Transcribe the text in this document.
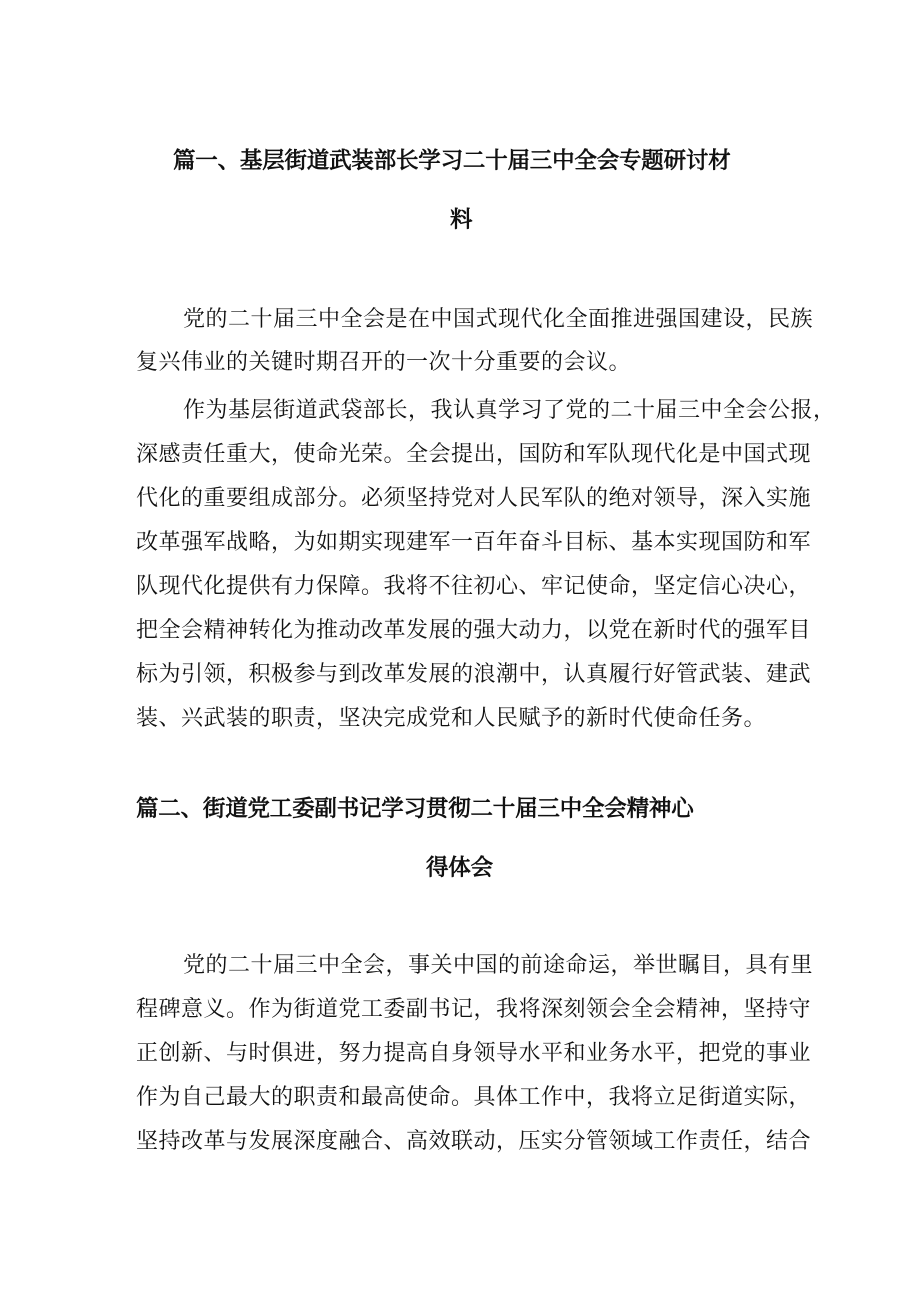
篇一、基层街道武装部长学习二十届三中全会专题研讨材
料
党的二十届三中全会是在中国式现代化全面推进强国建设，民族
复兴伟业的关键时期召开的一次十分重要的会议。
作为基层街道武袋部长，我认真学习了党的二十届三中全会公报，
深感责任重大，使命光荣。全会提出，国防和军队现代化是中国式现
代化的重要组成部分。必须坚持党对人民军队的绝对领导，深入实施
改革强军战略，为如期实现建军一百年奋斗目标、基本实现国防和军
队现代化提供有力保障。我将不往初心、牢记使命，坚定信心决心，
把全会精神转化为推动改革发展的强大动力，以党在新时代的强军目
标为引领，积极参与到改革发展的浪潮中，认真履行好管武装、建武
装、兴武装的职责，坚决完成党和人民赋予的新时代使命任务。
篇二、街道党工委副书记学习贯彻二十届三中全会精神心
得体会
党的二十届三中全会，事关中国的前途命运，举世瞩目，具有里
程碑意义。作为街道党工委副书记，我将深刻领会全会精神，坚持守
正创新、与时俱进，努力提高自身领导水平和业务水平，把党的事业
作为自己最大的职责和最高使命。具体工作中，我将立足街道实际，
坚持改革与发展深度融合、高效联动，压实分管领域工作责任，结合
